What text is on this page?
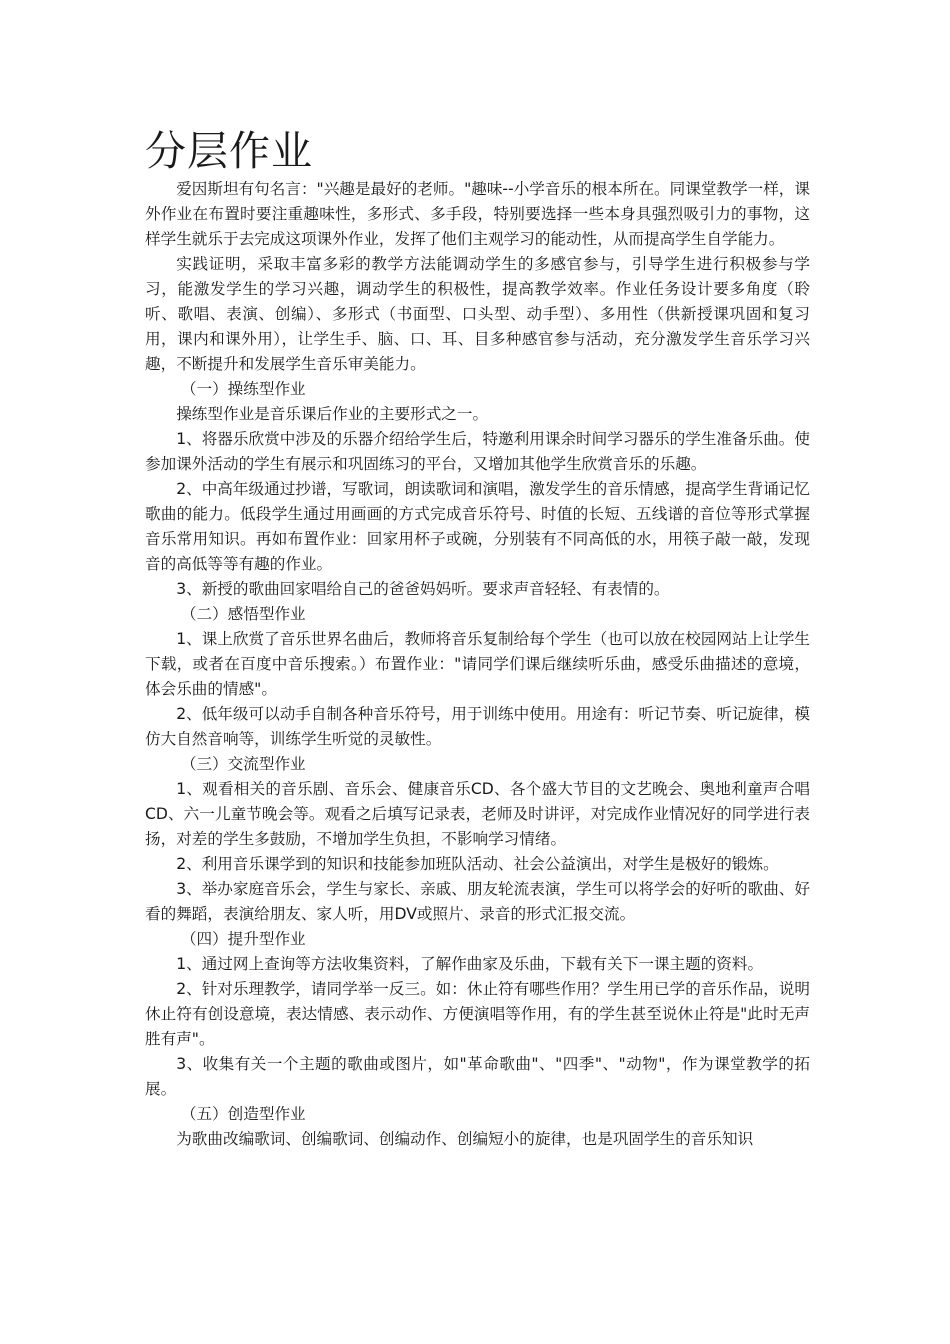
分层作业

爱因斯坦有句名言："兴趣是最好的老师。"趣味--小学音乐的根本所在。同课堂教学一样，课外作业在布置时要注重趣味性，多形式、多手段，特别要选择一些本身具强烈吸引力的事物，这样学生就乐于去完成这项课外作业，发挥了他们主观学习的能动性，从而提高学生自学能力。

实践证明，采取丰富多彩的教学方法能调动学生的多感官参与，引导学生进行积极参与学习，能激发学生的学习兴趣，调动学生的积极性，提高教学效率。作业任务设计要多角度（聆听、歌唱、表演、创编）、多形式（书面型、口头型、动手型）、多用性（供新授课巩固和复习用，课内和课外用），让学生手、脑、口、耳、目多种感官参与活动，充分激发学生音乐学习兴趣，不断提升和发展学生音乐审美能力。

（一）操练型作业

操练型作业是音乐课后作业的主要形式之一。

1、将器乐欣赏中涉及的乐器介绍给学生后，特邀利用课余时间学习器乐的学生准备乐曲。使参加课外活动的学生有展示和巩固练习的平台，又增加其他学生欣赏音乐的乐趣。

2、中高年级通过抄谱，写歌词，朗读歌词和演唱，激发学生的音乐情感，提高学生背诵记忆歌曲的能力。低段学生通过用画画的方式完成音乐符号、时值的长短、五线谱的音位等形式掌握音乐常用知识。再如布置作业：回家用杯子或碗，分别装有不同高低的水，用筷子敲一敲，发现音的高低等等有趣的作业。

3、新授的歌曲回家唱给自己的爸爸妈妈听。要求声音轻轻、有表情的。

（二）感悟型作业

1、课上欣赏了音乐世界名曲后，教师将音乐复制给每个学生（也可以放在校园网站上让学生下载，或者在百度中音乐搜索。）布置作业："请同学们课后继续听乐曲，感受乐曲描述的意境，体会乐曲的情感"。

2、低年级可以动手自制各种音乐符号，用于训练中使用。用途有：听记节奏、听记旋律，模仿大自然音响等，训练学生听觉的灵敏性。

（三）交流型作业

1、观看相关的音乐剧、音乐会、健康音乐CD、各个盛大节目的文艺晚会、奥地利童声合唱CD、六一儿童节晚会等。观看之后填写记录表，老师及时讲评，对完成作业情况好的同学进行表扬，对差的学生多鼓励，不增加学生负担，不影响学习情绪。

2、利用音乐课学到的知识和技能参加班队活动、社会公益演出，对学生是极好的锻炼。

3、举办家庭音乐会，学生与家长、亲戚、朋友轮流表演，学生可以将学会的好听的歌曲、好看的舞蹈，表演给朋友、家人听，用DV或照片、录音的形式汇报交流。

（四）提升型作业

1、通过网上查询等方法收集资料，了解作曲家及乐曲，下载有关下一课主题的资料。

2、针对乐理教学，请同学举一反三。如：休止符有哪些作用？学生用已学的音乐作品，说明休止符有创设意境，表达情感、表示动作、方便演唱等作用，有的学生甚至说休止符是"此时无声胜有声"。

3、收集有关一个主题的歌曲或图片，如"革命歌曲"、"四季"、"动物"，作为课堂教学的拓展。

（五）创造型作业

为歌曲改编歌词、创编歌词、创编动作、创编短小的旋律，也是巩固学生的音乐知识
